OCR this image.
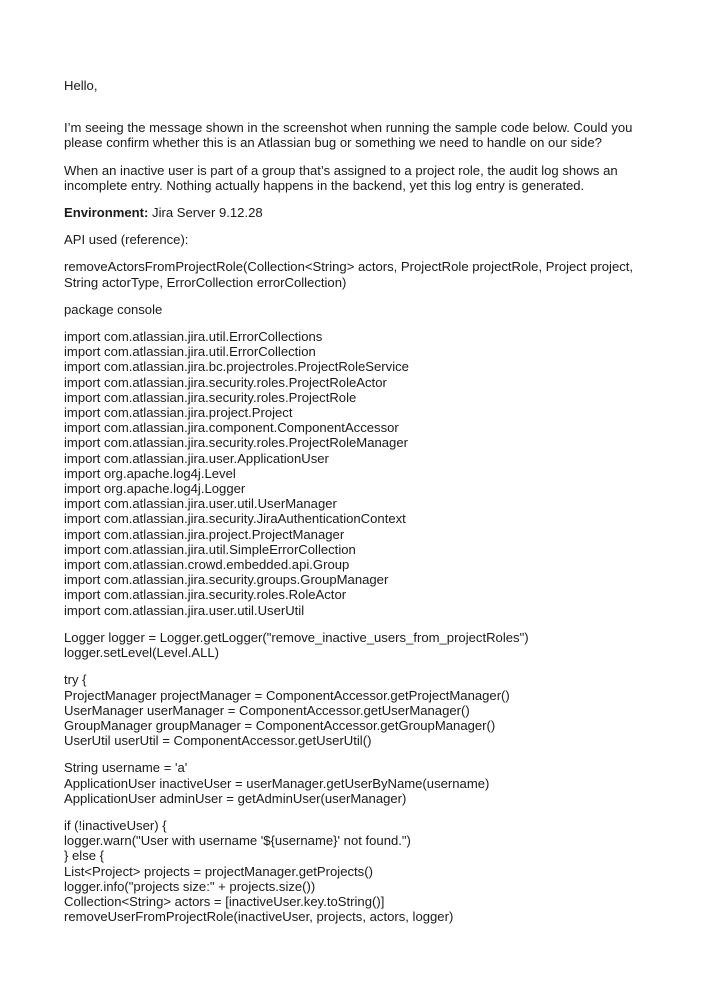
Hello,

I’m seeing the message shown in the screenshot when running the sample code below. Could you please confirm whether this is an Atlassian bug or something we need to handle on our side?

When an inactive user is part of a group that’s assigned to a project role, the audit log shows an incomplete entry. Nothing actually happens in the backend, yet this log entry is generated.

Environment: Jira Server 9.12.28

API used (reference):

removeActorsFromProjectRole(Collection<String> actors, ProjectRole projectRole, Project project, String actorType, ErrorCollection errorCollection)

package console

import com.atlassian.jira.util.ErrorCollections
import com.atlassian.jira.util.ErrorCollection
import com.atlassian.jira.bc.projectroles.ProjectRoleService
import com.atlassian.jira.security.roles.ProjectRoleActor
import com.atlassian.jira.security.roles.ProjectRole
import com.atlassian.jira.project.Project
import com.atlassian.jira.component.ComponentAccessor
import com.atlassian.jira.security.roles.ProjectRoleManager
import com.atlassian.jira.user.ApplicationUser
import org.apache.log4j.Level
import org.apache.log4j.Logger
import com.atlassian.jira.user.util.UserManager
import com.atlassian.jira.security.JiraAuthenticationContext
import com.atlassian.jira.project.ProjectManager
import com.atlassian.jira.util.SimpleErrorCollection
import com.atlassian.crowd.embedded.api.Group
import com.atlassian.jira.security.groups.GroupManager
import com.atlassian.jira.security.roles.RoleActor
import com.atlassian.jira.user.util.UserUtil
Logger logger = Logger.getLogger("remove_inactive_users_from_projectRoles")
logger.setLevel(Level.ALL)
try {
ProjectManager projectManager = ComponentAccessor.getProjectManager()
UserManager userManager = ComponentAccessor.getUserManager()
GroupManager groupManager = ComponentAccessor.getGroupManager()
UserUtil userUtil = ComponentAccessor.getUserUtil()
String username = 'a'
ApplicationUser inactiveUser = userManager.getUserByName(username)
ApplicationUser adminUser = getAdminUser(userManager)
if (!inactiveUser) {
logger.warn("User with username '${username}' not found.")
} else {
List<Project> projects = projectManager.getProjects()
logger.info("projects size:" + projects.size())
Collection<String> actors = [inactiveUser.key.toString()]
removeUserFromProjectRole(inactiveUser, projects, actors, logger)
